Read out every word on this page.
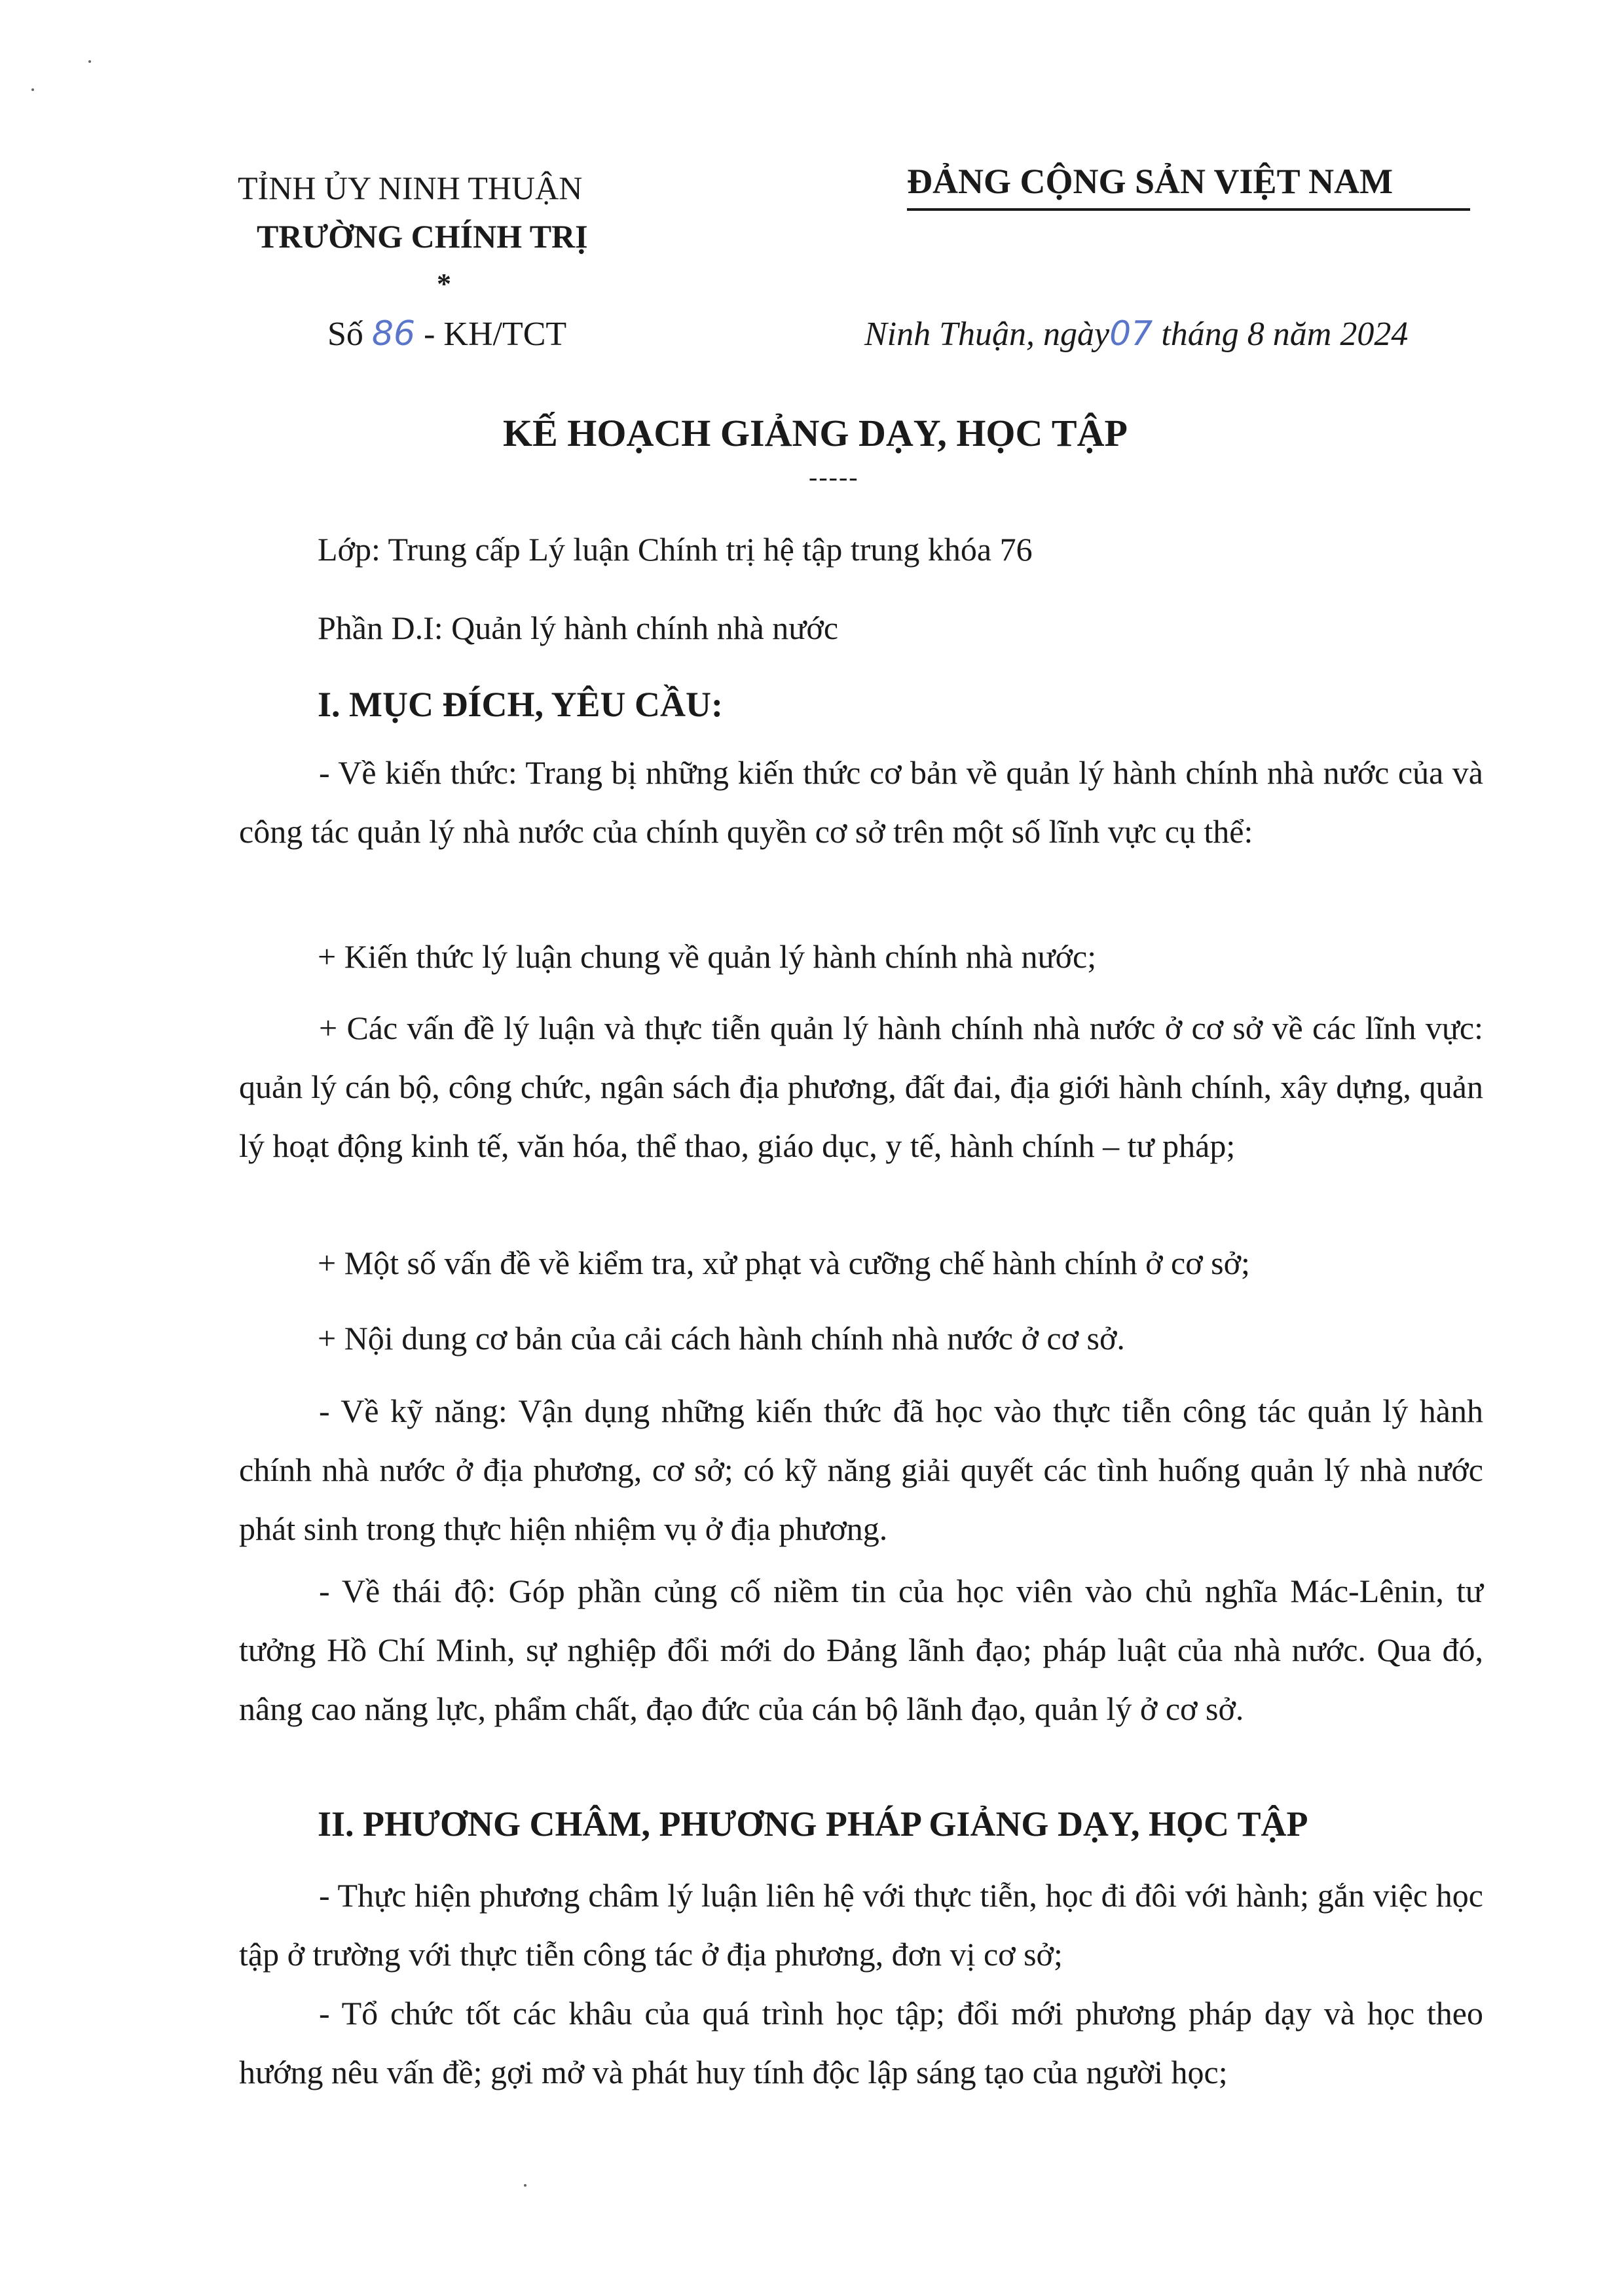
TỈNH ỦY NINH THUẬN
TRƯỜNG CHÍNH TRỊ
*
ĐẢNG CỘNG SẢN VIỆT NAM
Số 86 - KH/TCT	Ninh Thuận, ngày07 tháng 8 năm 2024
KẾ HOẠCH GIẢNG DẠY, HỌC TẬP
-----
Lớp: Trung cấp Lý luận Chính trị hệ tập trung khóa 76
Phần D.I: Quản lý hành chính nhà nước
I. MỤC ĐÍCH, YÊU CẦU:
- Về kiến thức: Trang bị những kiến thức cơ bản về quản lý hành chính nhà nước của và công tác quản lý nhà nước của chính quyền cơ sở trên một số lĩnh vực cụ thể:
+ Kiến thức lý luận chung về quản lý hành chính nhà nước;
+ Các vấn đề lý luận và thực tiễn quản lý hành chính nhà nước ở cơ sở về các lĩnh vực: quản lý cán bộ, công chức, ngân sách địa phương, đất đai, địa giới hành chính, xây dựng, quản lý hoạt động kinh tế, văn hóa, thể thao, giáo dục, y tế, hành chính – tư pháp;
+ Một số vấn đề về kiểm tra, xử phạt và cưỡng chế hành chính ở cơ sở;
+ Nội dung cơ bản của cải cách hành chính nhà nước ở cơ sở.
- Về kỹ năng: Vận dụng những kiến thức đã học vào thực tiễn công tác quản lý hành chính nhà nước ở địa phương, cơ sở; có kỹ năng giải quyết các tình huống quản lý nhà nước phát sinh trong thực hiện nhiệm vụ ở địa phương.
- Về thái độ: Góp phần củng cố niềm tin của học viên vào chủ nghĩa Mác-Lênin, tư tưởng Hồ Chí Minh, sự nghiệp đổi mới do Đảng lãnh đạo; pháp luật của nhà nước. Qua đó, nâng cao năng lực, phẩm chất, đạo đức của cán bộ lãnh đạo, quản lý ở cơ sở.
II. PHƯƠNG CHÂM, PHƯƠNG PHÁP GIẢNG DẠY, HỌC TẬP
- Thực hiện phương châm lý luận liên hệ với thực tiễn, học đi đôi với hành; gắn việc học tập ở trường với thực tiễn công tác ở địa phương, đơn vị cơ sở;
- Tổ chức tốt các khâu của quá trình học tập; đổi mới phương pháp dạy và học theo hướng nêu vấn đề; gợi mở và phát huy tính độc lập sáng tạo của người học;
